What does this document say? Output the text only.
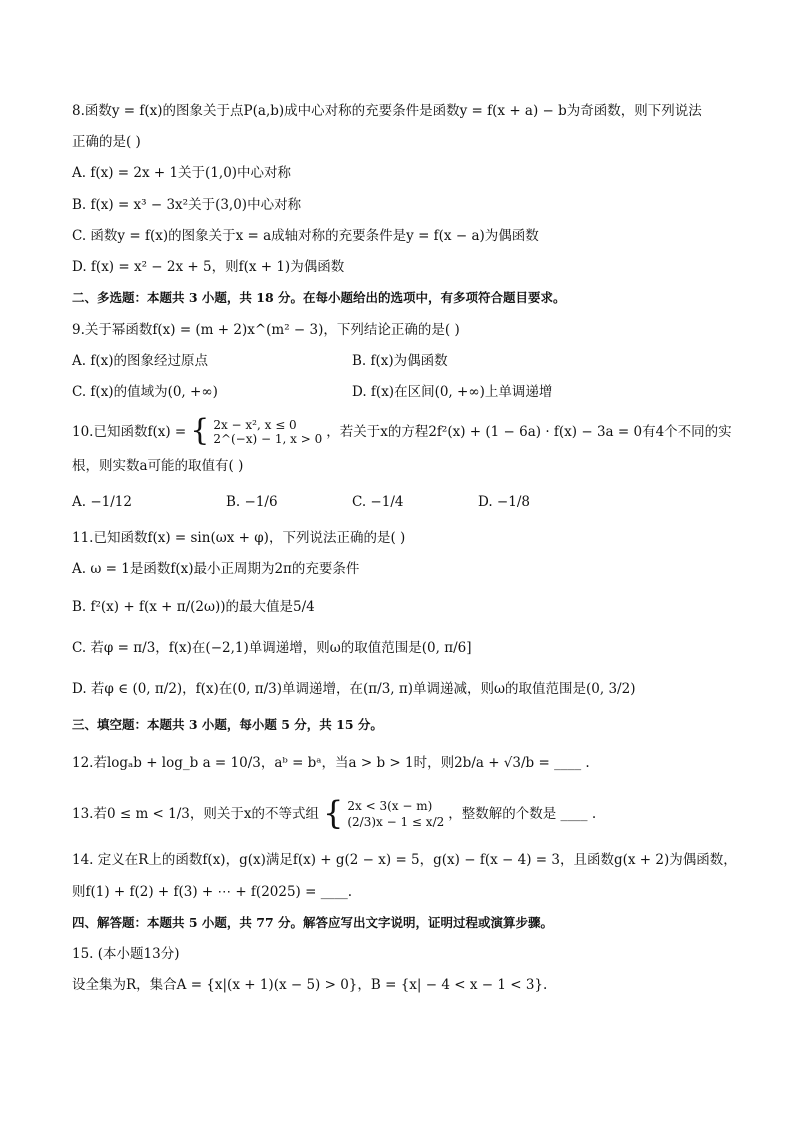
8.函数y = f(x)的图象关于点P(a,b)成中心对称的充要条件是函数y = f(x + a) − b为奇函数，则下列说法
正确的是( )
A. f(x) = 2x + 1关于(1,0)中心对称
B. f(x) = x³ − 3x²关于(3,0)中心对称
C. 函数y = f(x)的图象关于x = a成轴对称的充要条件是y = f(x − a)为偶函数
D. f(x) = x² − 2x + 5，则f(x + 1)为偶函数
二、多选题：本题共 3 小题，共 18 分。在每小题给出的选项中，有多项符合题目要求。
9.关于幂函数f(x) = (m + 2)x^(m² − 3)，下列结论正确的是( )
A. f(x)的图象经过原点	B. f(x)为偶函数
C. f(x)的值域为(0, +∞)	D. f(x)在区间(0, +∞)上单调递增
10.已知函数f(x) = { 2x − x², x ≤ 0
2^(−x) − 1, x > 0 ，若关于x的方程2f²(x) + (1 − 6a) · f(x) − 3a = 0有4个不同的实
根，则实数a可能的取值有( )
A. −1/12	B. −1/6	C. −1/4	D. −1/8
11.已知函数f(x) = sin(ωx + φ)，下列说法正确的是( )
A. ω = 1是函数f(x)最小正周期为2π的充要条件
B. f²(x) + f(x + π/(2ω))的最大值是5/4
C. 若φ = π/3，f(x)在(−2,1)单调递增，则ω的取值范围是(0, π/6]
D. 若φ ∈ (0, π/2)，f(x)在(0, π/3)单调递增，在(π/3, π)单调递减，则ω的取值范围是(0, 3/2)
三、填空题：本题共 3 小题，每小题 5 分，共 15 分。
12.若logₐb + log_b a = 10/3，aᵇ = bᵃ，当a > b > 1时，则2b/a + √3/b = ____ .
13.若0 ≤ m < 1/3，则关于x的不等式组 { 2x < 3(x − m)
(2/3)x − 1 ≤ x/2 ，整数解的个数是 ____ .
14. 定义在R上的函数f(x)，g(x)满足f(x) + g(2 − x) = 5，g(x) − f(x − 4) = 3，且函数g(x + 2)为偶函数，
则f(1) + f(2) + f(3) + ⋯ + f(2025) = ____.
四、解答题：本题共 5 小题，共 77 分。解答应写出文字说明，证明过程或演算步骤。
15. (本小题13分)
设全集为R，集合A = {x|(x + 1)(x − 5) > 0}，B = {x| − 4 < x − 1 < 3}.
